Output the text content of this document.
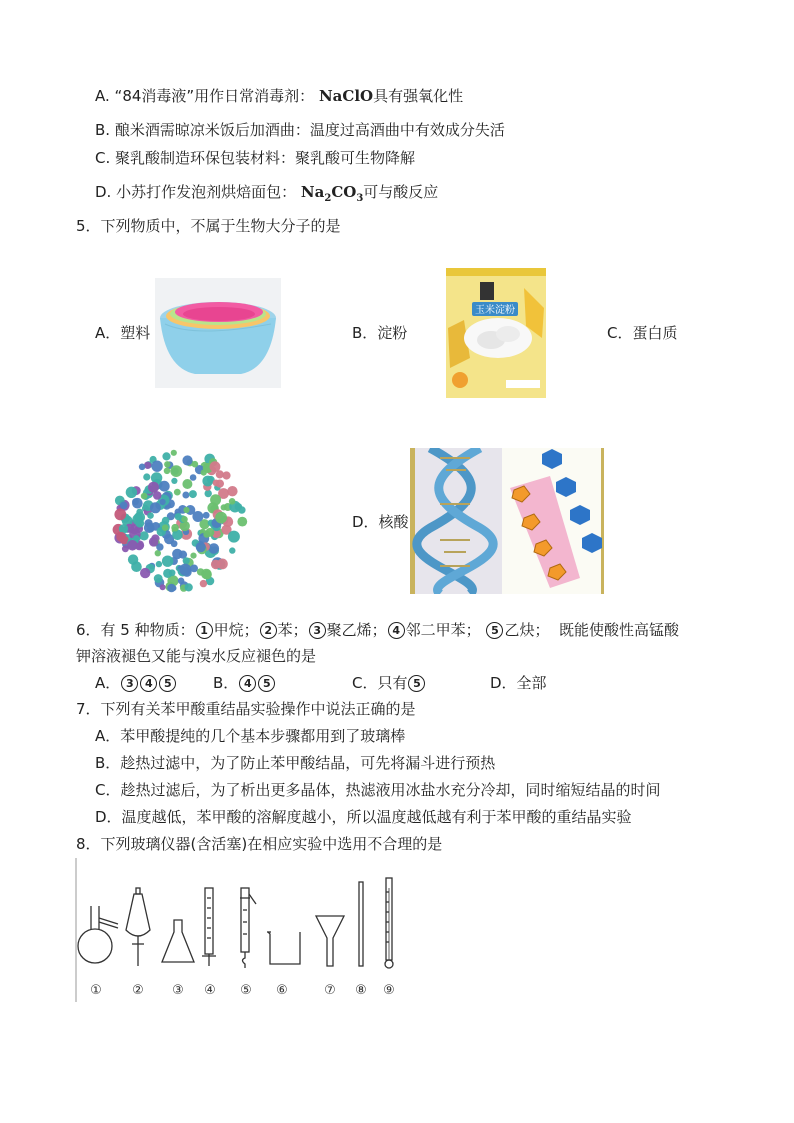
A. “84消毒液”用作日常消毒剂： NaClO具有强氧化性
B. 酿米酒需晾凉米饭后加酒曲：温度过高酒曲中有效成分失活
C. 聚乳酸制造环保包装材料：聚乳酸可生物降解
D. 小苏打作发泡剂烘焙面包： $Na_2CO_3$可与酸反应
5．下列物质中，不属于生物大分子的是
A．塑料	B．淀粉
玉米淀粉
C．蛋白质
D．核酸
6．有 5 种物质： 1 甲烷； 2 苯； 3 聚乙烯； 4 邻二甲苯； 5 乙炔； 既能使酸性高锰酸
钾溶液褪色又能与溴水反应褪色的是
A． 3 4 5	B． 4 5	C．只有 5	D．全部
7．下列有关苯甲酸重结晶实验操作中说法正确的是
A．苯甲酸提纯的几个基本步骤都用到了玻璃棒
B．趁热过滤中，为了防止苯甲酸结晶，可先将漏斗进行预热
C．趁热过滤后，为了析出更多晶体，热滤液用冰盐水充分冷却，同时缩短结晶的时间
D．温度越低，苯甲酸的溶解度越小，所以温度越低越有利于苯甲酸的重结晶实验
8．下列玻璃仪器(含活塞)在相应实验中选用不合理的是
① ② ③ ④ ⑤ ⑥	⑦ ⑧ ⑨
